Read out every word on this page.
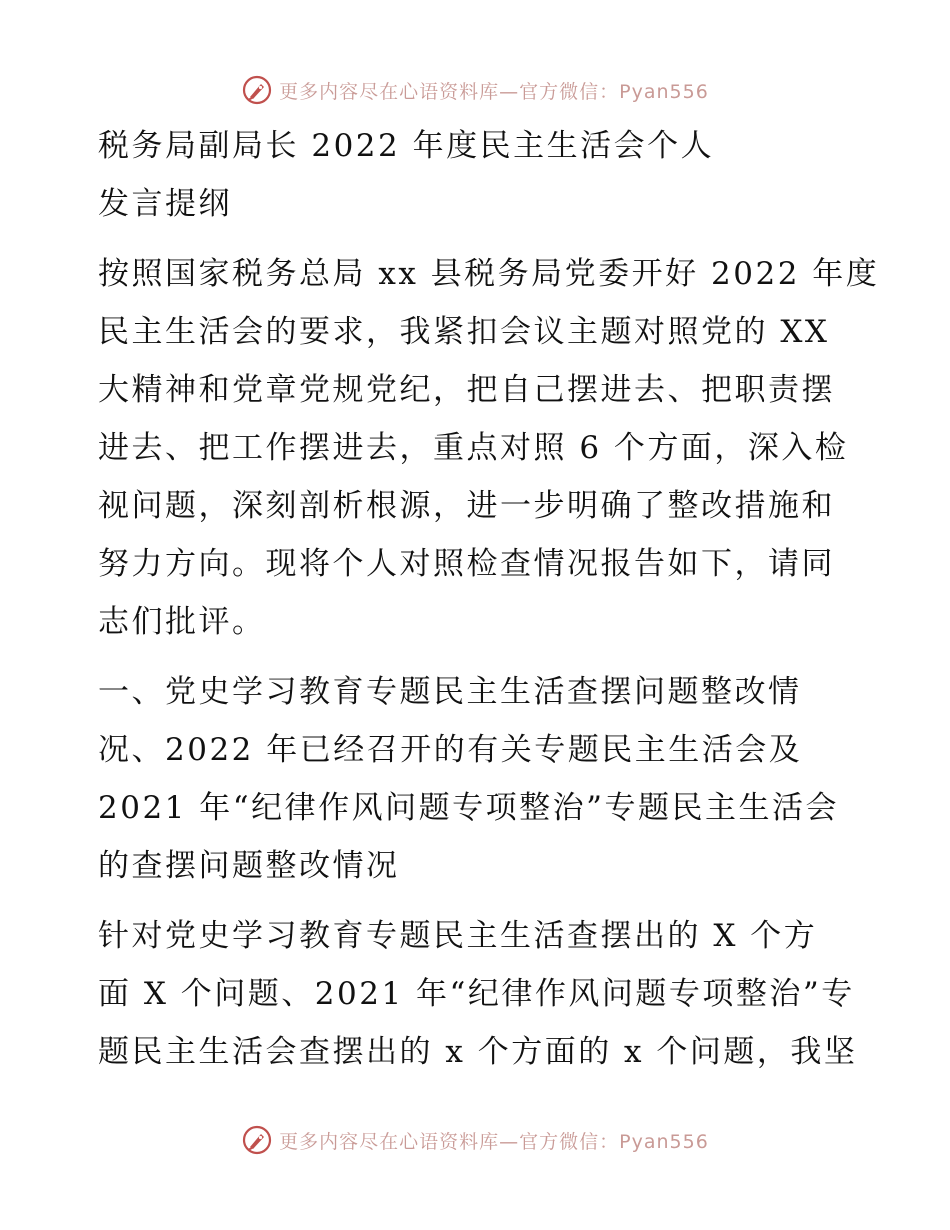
更多内容尽在心语资料库—官方微信：Pyan556
税务局副局长 2022 年度民主生活会个人
发言提纲
按照国家税务总局 xx 县税务局党委开好 2022 年度
民主生活会的要求，我紧扣会议主题对照党的 XX
大精神和党章党规党纪，把自己摆进去、把职责摆
进去、把工作摆进去，重点对照 6 个方面，深入检
视问题，深刻剖析根源，进一步明确了整改措施和
努力方向。现将个人对照检查情况报告如下，请同
志们批评。
一、党史学习教育专题民主生活查摆问题整改情
况、2022 年已经召开的有关专题民主生活会及
2021 年“纪律作风问题专项整治”专题民主生活会
的查摆问题整改情况
针对党史学习教育专题民主生活查摆出的 X 个方
面 X 个问题、2021 年“纪律作风问题专项整治”专
题民主生活会查摆出的 x 个方面的 x 个问题，我坚
更多内容尽在心语资料库—官方微信：Pyan556
